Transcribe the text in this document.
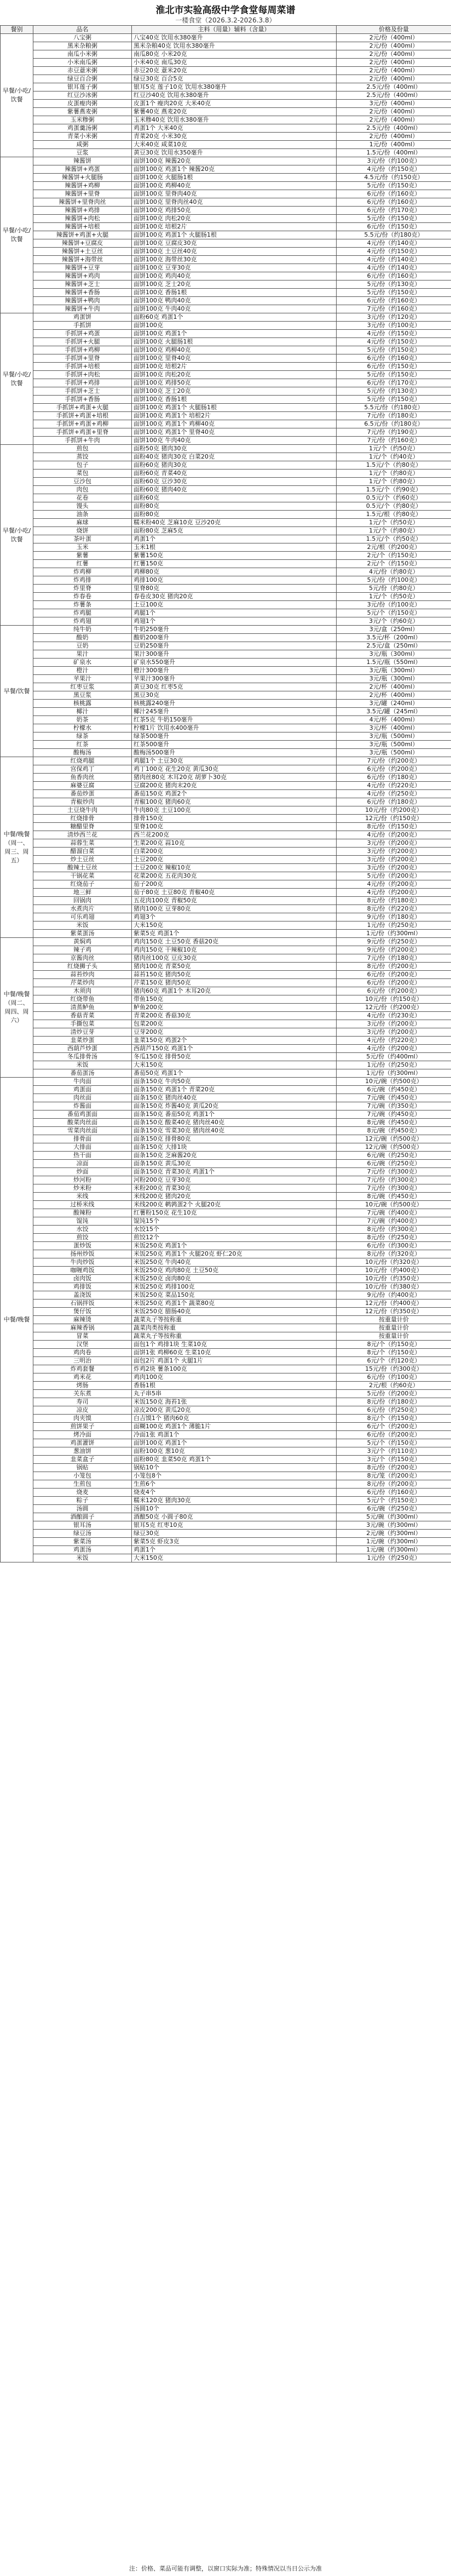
淮北市实验高级中学食堂每周菜谱
一楼食堂（2026.3.2-2026.3.8）
餐别	品名	主料（用量）辅料（含量）	价格及份量
早餐/小吃/饮餐	八宝粥	八宝40克 饮用水380毫升	2元/份（400ml）
	黑米杂粮粥	黑米杂粮40克 饮用水380毫升	2元/份（400ml）
	南瓜小米粥	南瓜80克 小米20克	2元/份（400ml）
	小米南瓜粥	小米40克 南瓜30克	2元/份（400ml）
	赤豆薏米粥	赤豆20克 薏米20克	2元/份（400ml）
	绿豆百合粥	绿豆30克 百合5克	2元/份（400ml）
	银耳莲子粥	银耳5克 莲子10克 饮用水380毫升	2.5元/份（400ml）
	红豆沙冰粥	红豆沙40克 饮用水380毫升	2.5元/份（400ml）
	皮蛋瘦肉粥	皮蛋1个 瘦肉20克 大米40克	3元/份（400ml）
	紫薯燕麦粥	紫薯40克 燕麦20克	2元/份（400ml）
	玉米糁粥	玉米糁40克 饮用水380毫升	2元/份（400ml）
	鸡蛋羹汤粥	鸡蛋1个 大米40克	2.5元/份（400ml）
	青菜小米粥	青菜20克 小米30克	2元/份（400ml）
	咸粥	大米40克 咸菜10克	1元/份（400ml）
	豆浆	黄豆30克 饮用水350毫升	1.5元/份（400ml）
早餐/小吃/饮餐	辣酱饼	面饼100克 辣酱20克	3元/份（约100克）
	辣酱饼+鸡蛋	面饼100克 鸡蛋1个 辣酱20克	4元/份（约150克）
	辣酱饼+火腿肠	面饼100克 火腿肠1根	4.5元/份（约150克）
	辣酱饼+鸡柳	面饼100克 鸡柳40克	5元/份（约150克）
	辣酱饼+里脊	面饼100克 里脊肉40克	6元/份（约160克）
	辣酱饼+里脊肉丝	面饼100克 里脊肉丝40克	6元/份（约160克）
	辣酱饼+鸡排	面饼100克 鸡排50克	6元/份（约170克）
	辣酱饼+肉松	面饼100克 肉松20克	5元/份（约150克）
	辣酱饼+培根	面饼100克 培根2片	6元/份（约150克）
	辣酱饼+鸡蛋+火腿	面饼100克 鸡蛋1个 火腿肠1根	5.5元/份（约180克）
	辣酱饼+豆腐皮	面饼100克 豆腐皮30克	4元/份（约140克）
	辣酱饼+土豆丝	面饼100克 土豆丝40克	4元/份（约150克）
	辣酱饼+海带丝	面饼100克 海带丝30克	4元/份（约140克）
	辣酱饼+豆芽	面饼100克 豆芽30克	4元/份（约140克）
	辣酱饼+鸡肉	面饼100克 鸡肉40克	6元/份（约160克）
	辣酱饼+芝士	面饼100克 芝士20克	5元/份（约130克）
	辣酱饼+香肠	面饼100克 香肠1根	5元/份（约150克）
	辣酱饼+鸭肉	面饼100克 鸭肉40克	6元/份（约160克）
	辣酱饼+牛肉	面饼100克 牛肉40克	7元/份（约160克）
早餐/小吃/饮餐	鸡蛋饼	面粉60克 鸡蛋1个	3元/份（约120克）
	手抓饼	面饼100克	3元/份（约100克）
	手抓饼+鸡蛋	面饼100克 鸡蛋1个	4元/份（约150克）
	手抓饼+火腿	面饼100克 火腿肠1根	4元/份（约150克）
	手抓饼+鸡柳	面饼100克 鸡柳40克	5元/份（约150克）
	手抓饼+里脊	面饼100克 里脊40克	6元/份（约160克）
	手抓饼+培根	面饼100克 培根2片	6元/份（约150克）
	手抓饼+肉松	面饼100克 肉松20克	5元/份（约150克）
	手抓饼+鸡排	面饼100克 鸡排50克	6元/份（约170克）
	手抓饼+芝士	面饼100克 芝士20克	5元/份（约130克）
	手抓饼+香肠	面饼100克 香肠1根	5元/份（约150克）
	手抓饼+鸡蛋+火腿	面饼100克 鸡蛋1个 火腿肠1根	5.5元/份（约180克）
	手抓饼+鸡蛋+培根	面饼100克 鸡蛋1个 培根2片	7元/份（约180克）
	手抓饼+鸡蛋+鸡柳	面饼100克 鸡蛋1个 鸡柳40克	6.5元/份（约180克）
	手抓饼+鸡蛋+里脊	面饼100克 鸡蛋1个 里脊40克	7元/份（约190克）
	手抓饼+牛肉	面饼100克 牛肉40克	7元/份（约160克）
早餐/小吃/饮餐	煎包	面粉50克 猪肉30克	1元/个（约50克）
	蒸饺	面粉40克 猪肉30克 白菜20克	1元/个（约40克）
	包子	面粉60克 猪肉30克	1.5元/个（约80克）
	菜包	面粉60克 青菜40克	1元/个（约80克）
	豆沙包	面粉60克 豆沙30克	1元/个（约80克）
	肉包	面粉60克 猪肉40克	1.5元/个（约90克）
	花卷	面粉60克	0.5元/个（约60克）
	馒头	面粉80克	0.5元/个（约80克）
	油条	面粉80克	1.5元/根（约80克）
	麻球	糯米粉40克 芝麻10克 豆沙20克	1元/个（约50克）
	烧饼	面粉80克 芝麻5克	1元/个（约80克）
	茶叶蛋	鸡蛋1个	1.5元/个（约50克）
	玉米	玉米1根	2元/根（约200克）
	紫薯	紫薯150克	2元/个（约150克）
	红薯	红薯150克	2元/个（约150克）
	炸鸡柳	鸡柳80克	4元/份（约80克）
	炸鸡排	鸡排100克	5元/份（约100克）
	炸里脊	里脊80克	5元/份（约80克）
	炸春卷	春卷皮30克 猪肉20克	1元/个（约50克）
	炸薯条	土豆100克	3元/份（约100克）
	炸鸡腿	鸡腿1个	5元/个（约150克）
	炸鸡翅	鸡翅1个	3元/个（约60克）
早餐/饮餐	纯牛奶	牛奶250毫升	3元/盒（250ml）
	酸奶	酸奶200毫升	3.5元/杯（200ml）
	豆奶	豆奶250毫升	2.5元/盒（250ml）
	果汁	果汁300毫升	3元/瓶（300ml）
	矿泉水	矿泉水550毫升	1.5元/瓶（550ml）
	橙汁	橙汁300毫升	3元/瓶（300ml）
	苹果汁	苹果汁300毫升	3元/瓶（300ml）
	红枣豆浆	黄豆30克 红枣5克	2元/杯（400ml）
	黑豆浆	黑豆30克	2元/杯（400ml）
	核桃露	核桃露240毫升	3元/罐（240ml）
	椰汁	椰汁245毫升	3.5元/罐（245ml）
	奶茶	红茶5克 牛奶150毫升	4元/杯（400ml）
	柠檬水	柠檬1片 饮用水400毫升	3元/杯（400ml）
	绿茶	绿茶500毫升	3元/瓶（500ml）
	红茶	红茶500毫升	3元/瓶（500ml）
	酸梅汤	酸梅汤500毫升	3元/瓶（500ml）
中餐/晚餐（周一、周三、周五）	红烧鸡腿	鸡腿1个 土豆30克	7元/份（约200克）
	宫保鸡丁	鸡丁100克 花生20克 黄瓜30克	6元/份（约200克）
	鱼香肉丝	猪肉丝80克 木耳20克 胡萝卜30克	6元/份（约180克）
	麻婆豆腐	豆腐200克 猪肉末20克	4元/份（约220克）
	番茄炒蛋	番茄150克 鸡蛋2个	4元/份（约250克）
	青椒炒肉	青椒100克 猪肉60克	6元/份（约180克）
	土豆烧牛肉	牛肉80克 土豆100克	10元/份（约200克）
	红烧排骨	排骨150克	12元/份（约150克）
	糖醋里脊	里脊100克	8元/份（约150克）
	清炒西兰花	西兰花200克	4元/份（约200克）
	蒜蓉生菜	生菜200克 蒜10克	3元/份（约200克）
	醋溜白菜	白菜200克	3元/份（约200克）
	炒土豆丝	土豆200克	3元/份（约200克）
	酸辣土豆丝	土豆200克 辣椒10克	3元/份（约200克）
	干锅花菜	花菜200克 五花肉30克	5元/份（约200克）
	红烧茄子	茄子200克	4元/份（约200克）
	地三鲜	茄子80克 土豆80克 青椒40克	4元/份（约200克）
	回锅肉	五花肉100克 青椒50克	8元/份（约180克）
	水煮肉片	猪肉100克 豆芽80克	8元/份（约220克）
	可乐鸡翅	鸡翅3个	9元/份（约180克）
	米饭	大米150克	1元/份（约250克）
	紫菜蛋汤	紫菜5克 鸡蛋1个	1元/份（约300ml）
中餐/晚餐（周二、周四、周六）	黄焖鸡	鸡肉150克 土豆50克 香菇20克	9元/份（约250克）
	辣子鸡	鸡肉150克 干辣椒10克	9元/份（约200克）
	京酱肉丝	猪肉丝100克 豆皮30克	7元/份（约180克）
	红烧狮子头	猪肉100克 青菜50克	8元/份（约200克）
	蒜苔炒肉	蒜苔150克 猪肉50克	6元/份（约200克）
	芹菜炒肉	芹菜150克 猪肉50克	6元/份（约200克）
	木须肉	猪肉60克 鸡蛋1个 木耳20克	6元/份（约200克）
	红烧带鱼	带鱼150克	10元/份（约150克）
	清蒸鲈鱼	鲈鱼200克	12元/份（约200克）
	香菇青菜	青菜200克 香菇30克	4元/份（约230克）
	手撕包菜	包菜200克	3元/份（约200克）
	清炒豆芽	豆芽200克	3元/份（约200克）
	韭菜炒蛋	韭菜150克 鸡蛋2个	4元/份（约220克）
	西葫芦炒蛋	西葫芦150克 鸡蛋1个	4元/份（约200克）
	冬瓜排骨汤	冬瓜150克 排骨50克	5元/份（约400ml）
	米饭	大米150克	1元/份（约250克）
	番茄蛋汤	番茄50克 鸡蛋1个	1元/份（约300ml）
中餐/晚餐	牛肉面	面条150克 牛肉50克	10元/碗（约500克）
	鸡蛋面	面条150克 鸡蛋1个 青菜20克	6元/碗（约450克）
	肉丝面	面条150克 猪肉丝40克	7元/碗（约450克）
	炸酱面	面条150克 炸酱40克 黄瓜20克	7元/碗（约350克）
	番茄鸡蛋面	面条150克 番茄50克 鸡蛋1个	7元/碗（约450克）
	酸菜肉丝面	面条150克 酸菜40克 猪肉丝40克	8元/碗（约450克）
	雪菜肉丝面	面条150克 雪菜30克 猪肉丝40克	8元/碗（约450克）
	排骨面	面条150克 排骨80克	12元/碗（约500克）
	大排面	面条150克 大排1块	12元/碗（约500克）
	热干面	面条150克 芝麻酱20克	6元/碗（约250克）
	凉面	面条150克 黄瓜30克	6元/碗（约250克）
	炒面	面条150克 青菜30克 鸡蛋1个	7元/份（约300克）
	炒河粉	河粉200克 豆芽30克	7元/份（约300克）
	炒米粉	米粉200克 青菜30克	7元/份（约300克）
	米线	米线200克 猪肉20克	8元/碗（约450克）
	过桥米线	米线200克 鹌鹑蛋2个 火腿20克	10元/碗（约500克）
	酸辣粉	红薯粉150克 花生10克	7元/碗（约400克）
	馄饨	馄饨15个	7元/碗（约400克）
	水饺	水饺15个	8元/份（约300克）
	煎饺	煎饺12个	8元/份（约250克）
	蛋炒饭	米饭250克 鸡蛋1个	6元/份（约300克）
	扬州炒饭	米饭250克 鸡蛋1个 火腿20克 虾仁20克	8元/份（约320克）
	牛肉炒饭	米饭250克 牛肉40克	10元/份（约320克）
	咖喱鸡饭	米饭250克 鸡肉80克 土豆50克	10元/份（约400克）
	卤肉饭	米饭250克 卤肉80克	10元/份（约350克）
	鸡排饭	米饭250克 鸡排100克	10元/份（约380克）
	盖浇饭	米饭250克 菜品150克	9元/份（约400克）
	石锅拌饭	米饭250克 鸡蛋1个 蔬菜80克	12元/份（约400克）
	煲仔饭	米饭250克 腊肠40克	12元/份（约350克）
	麻辣烫	蔬菜丸子等按称重	按重量计价
	麻辣香锅	蔬菜肉类按称重	按重量计价
	冒菜	蔬菜丸子等按称重	按重量计价
	汉堡	面包1个 鸡排1块 生菜10克	8元/个（约150克）
	鸡肉卷	面饼1张 鸡柳60克 生菜10克	8元/个（约150克）
	三明治	面包2片 鸡蛋1个 火腿1片	6元/个（约120克）
	炸鸡套餐	炸鸡2块 薯条100克	15元/份（约300克）
	鸡米花	鸡肉100克	6元/份（约100克）
	烤肠	香肠1根	2元/根（约60克）
	关东煮	丸子串5串	5元/份（约200克）
	寿司	米饭150克 海苔1张	8元/份（约180克）
	凉皮	凉皮200克 黄瓜20克	6元/份（约250克）
	肉夹馍	白吉馍1个 猪肉60克	8元/个（约150克）
	煎饼果子	面糊100克 鸡蛋1个 薄脆1片	6元/个（约200克）
	烤冷面	冷面1张 鸡蛋1个	6元/份（约200克）
	鸡蛋灌饼	面饼100克 鸡蛋1个	5元/个（约150克）
	葱油饼	面粉100克 葱10克	3元/个（约110克）
	韭菜盒子	面粉80克 韭菜50克 鸡蛋1个	3元/个（约150克）
	锅贴	锅贴10个	8元/份（约200克）
	小笼包	小笼包8个	8元/笼（约200克）
	生煎包	生煎6个	8元/份（约200克）
	烧麦	烧麦4个	6元/份（约160克）
	粽子	糯米120克 猪肉30克	5元/个（约150克）
	汤圆	汤圆10个	6元/碗（约250克）
	酒酿圆子	酒酿50克 小圆子80克	5元/碗（约300ml）
	银耳汤	银耳5克 红枣10克	3元/碗（约300ml）
	绿豆汤	绿豆30克	2元/碗（约300ml）
	紫菜汤	紫菜5克 虾皮3克	1元/碗（约300ml）
	鸡蛋汤	鸡蛋1个	1元/碗（约300ml）
	米饭	大米150克	1元/份（约250克）
注：价格、菜品可能有调整，以窗口实际为准；特殊情况以当日公示为准
